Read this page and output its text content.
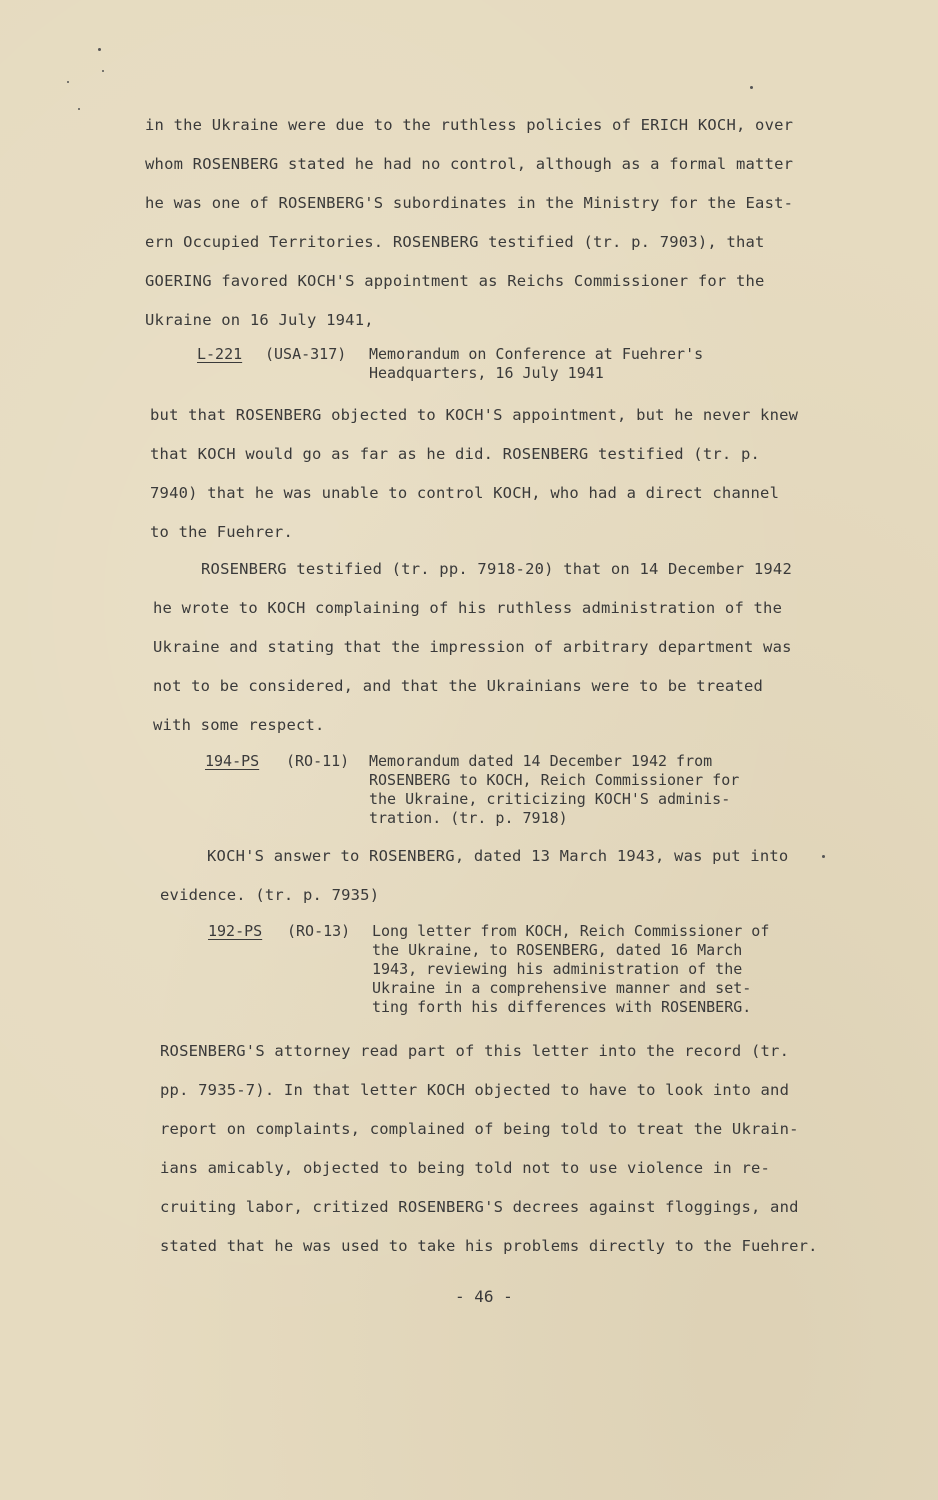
in the Ukraine were due to the ruthless policies of ERICH KOCH, over
whom ROSENBERG stated he had no control, although as a formal matter
he was one of ROSENBERG'S subordinates in the Ministry for the East-
ern Occupied Territories. ROSENBERG testified (tr. p. 7903), that
GOERING favored KOCH'S appointment as Reichs Commissioner for the
Ukraine on 16 July 1941,
L-221 (USA-317) Memorandum on Conference at Fuehrer's
Headquarters, 16 July 1941
but that ROSENBERG objected to KOCH'S appointment, but he never knew
that KOCH would go as far as he did. ROSENBERG testified (tr. p.
7940) that he was unable to control KOCH, who had a direct channel
to the Fuehrer.
ROSENBERG testified (tr. pp. 7918-20) that on 14 December 1942
he wrote to KOCH complaining of his ruthless administration of the
Ukraine and stating that the impression of arbitrary department was
not to be considered, and that the Ukrainians were to be treated
with some respect.
194-PS (RO-11) Memorandum dated 14 December 1942 from
ROSENBERG to KOCH, Reich Commissioner for
the Ukraine, criticizing KOCH'S adminis-
tration. (tr. p. 7918)
KOCH'S answer to ROSENBERG, dated 13 March 1943, was put into
evidence. (tr. p. 7935)
192-PS (RO-13) Long letter from KOCH, Reich Commissioner of
the Ukraine, to ROSENBERG, dated 16 March
1943, reviewing his administration of the
Ukraine in a comprehensive manner and set-
ting forth his differences with ROSENBERG.
ROSENBERG'S attorney read part of this letter into the record (tr.
pp. 7935-7). In that letter KOCH objected to have to look into and
report on complaints, complained of being told to treat the Ukrain-
ians amicably, objected to being told not to use violence in re-
cruiting labor, critized ROSENBERG'S decrees against floggings, and
stated that he was used to take his problems directly to the Fuehrer.
- 46 -
